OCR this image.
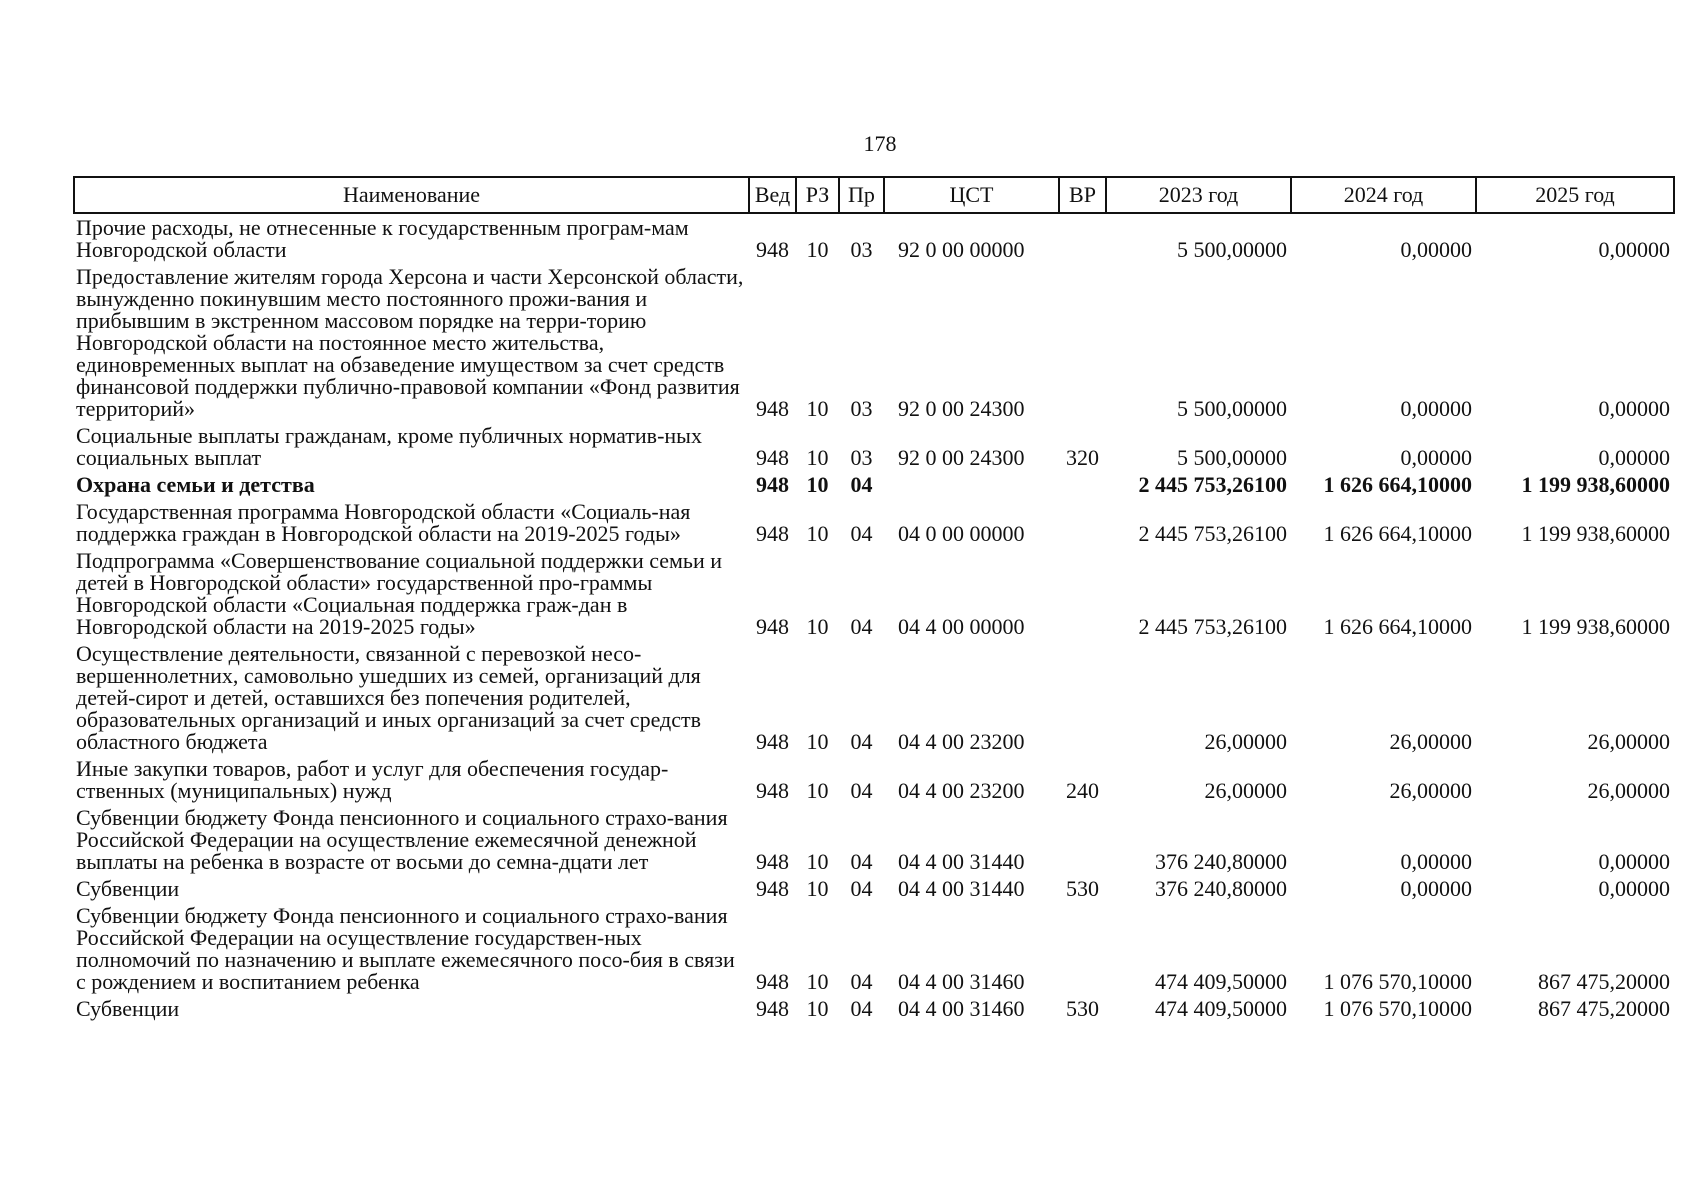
178
Наименование	Вед	РЗ	Пр	ЦСТ	ВР	2023 год	2024 год	2025 год
Прочие расходы, не отнесенные к государственным програм-мам Новгородской области	948	10	03	92 0 00 00000		5 500,00000	0,00000	0,00000
Предоставление жителям города Херсона и части Херсонской области, вынужденно покинувшим место постоянного прожи-вания и прибывшим в экстренном массовом порядке на терри-торию Новгородской области на постоянное место жительства, единовременных выплат на обзаведение имуществом за счет средств финансовой поддержки публично-правовой компании «Фонд развития территорий»	948	10	03	92 0 00 24300		5 500,00000	0,00000	0,00000
Социальные выплаты гражданам, кроме публичных норматив-ных социальных выплат	948	10	03	92 0 00 24300	320	5 500,00000	0,00000	0,00000
Охрана семьи и детства	948	10	04			2 445 753,26100	1 626 664,10000	1 199 938,60000
Государственная программа Новгородской области «Социаль-ная поддержка граждан в Новгородской области на 2019-2025 годы»	948	10	04	04 0 00 00000		2 445 753,26100	1 626 664,10000	1 199 938,60000
Подпрограмма «Совершенствование социальной поддержки семьи и детей в Новгородской области» государственной про-граммы Новгородской области «Социальная поддержка граж-дан в Новгородской области на 2019-2025 годы»	948	10	04	04 4 00 00000		2 445 753,26100	1 626 664,10000	1 199 938,60000
Осуществление деятельности, связанной с перевозкой несо-вершеннолетних, самовольно ушедших из семей, организаций для детей-сирот и детей, оставшихся без попечения родителей, образовательных организаций и иных организаций за счет средств областного бюджета	948	10	04	04 4 00 23200		26,00000	26,00000	26,00000
Иные закупки товаров, работ и услуг для обеспечения государ-ственных (муниципальных) нужд	948	10	04	04 4 00 23200	240	26,00000	26,00000	26,00000
Субвенции бюджету Фонда пенсионного и социального страхо-вания Российской Федерации на осуществление ежемесячной денежной выплаты на ребенка в возрасте от восьми до семна-дцати лет	948	10	04	04 4 00 31440		376 240,80000	0,00000	0,00000
Субвенции	948	10	04	04 4 00 31440	530	376 240,80000	0,00000	0,00000
Субвенции бюджету Фонда пенсионного и социального страхо-вания Российской Федерации на осуществление государствен-ных полномочий по назначению и выплате ежемесячного посо-бия в связи с рождением и воспитанием ребенка	948	10	04	04 4 00 31460		474 409,50000	1 076 570,10000	867 475,20000
Субвенции	948	10	04	04 4 00 31460	530	474 409,50000	1 076 570,10000	867 475,20000
